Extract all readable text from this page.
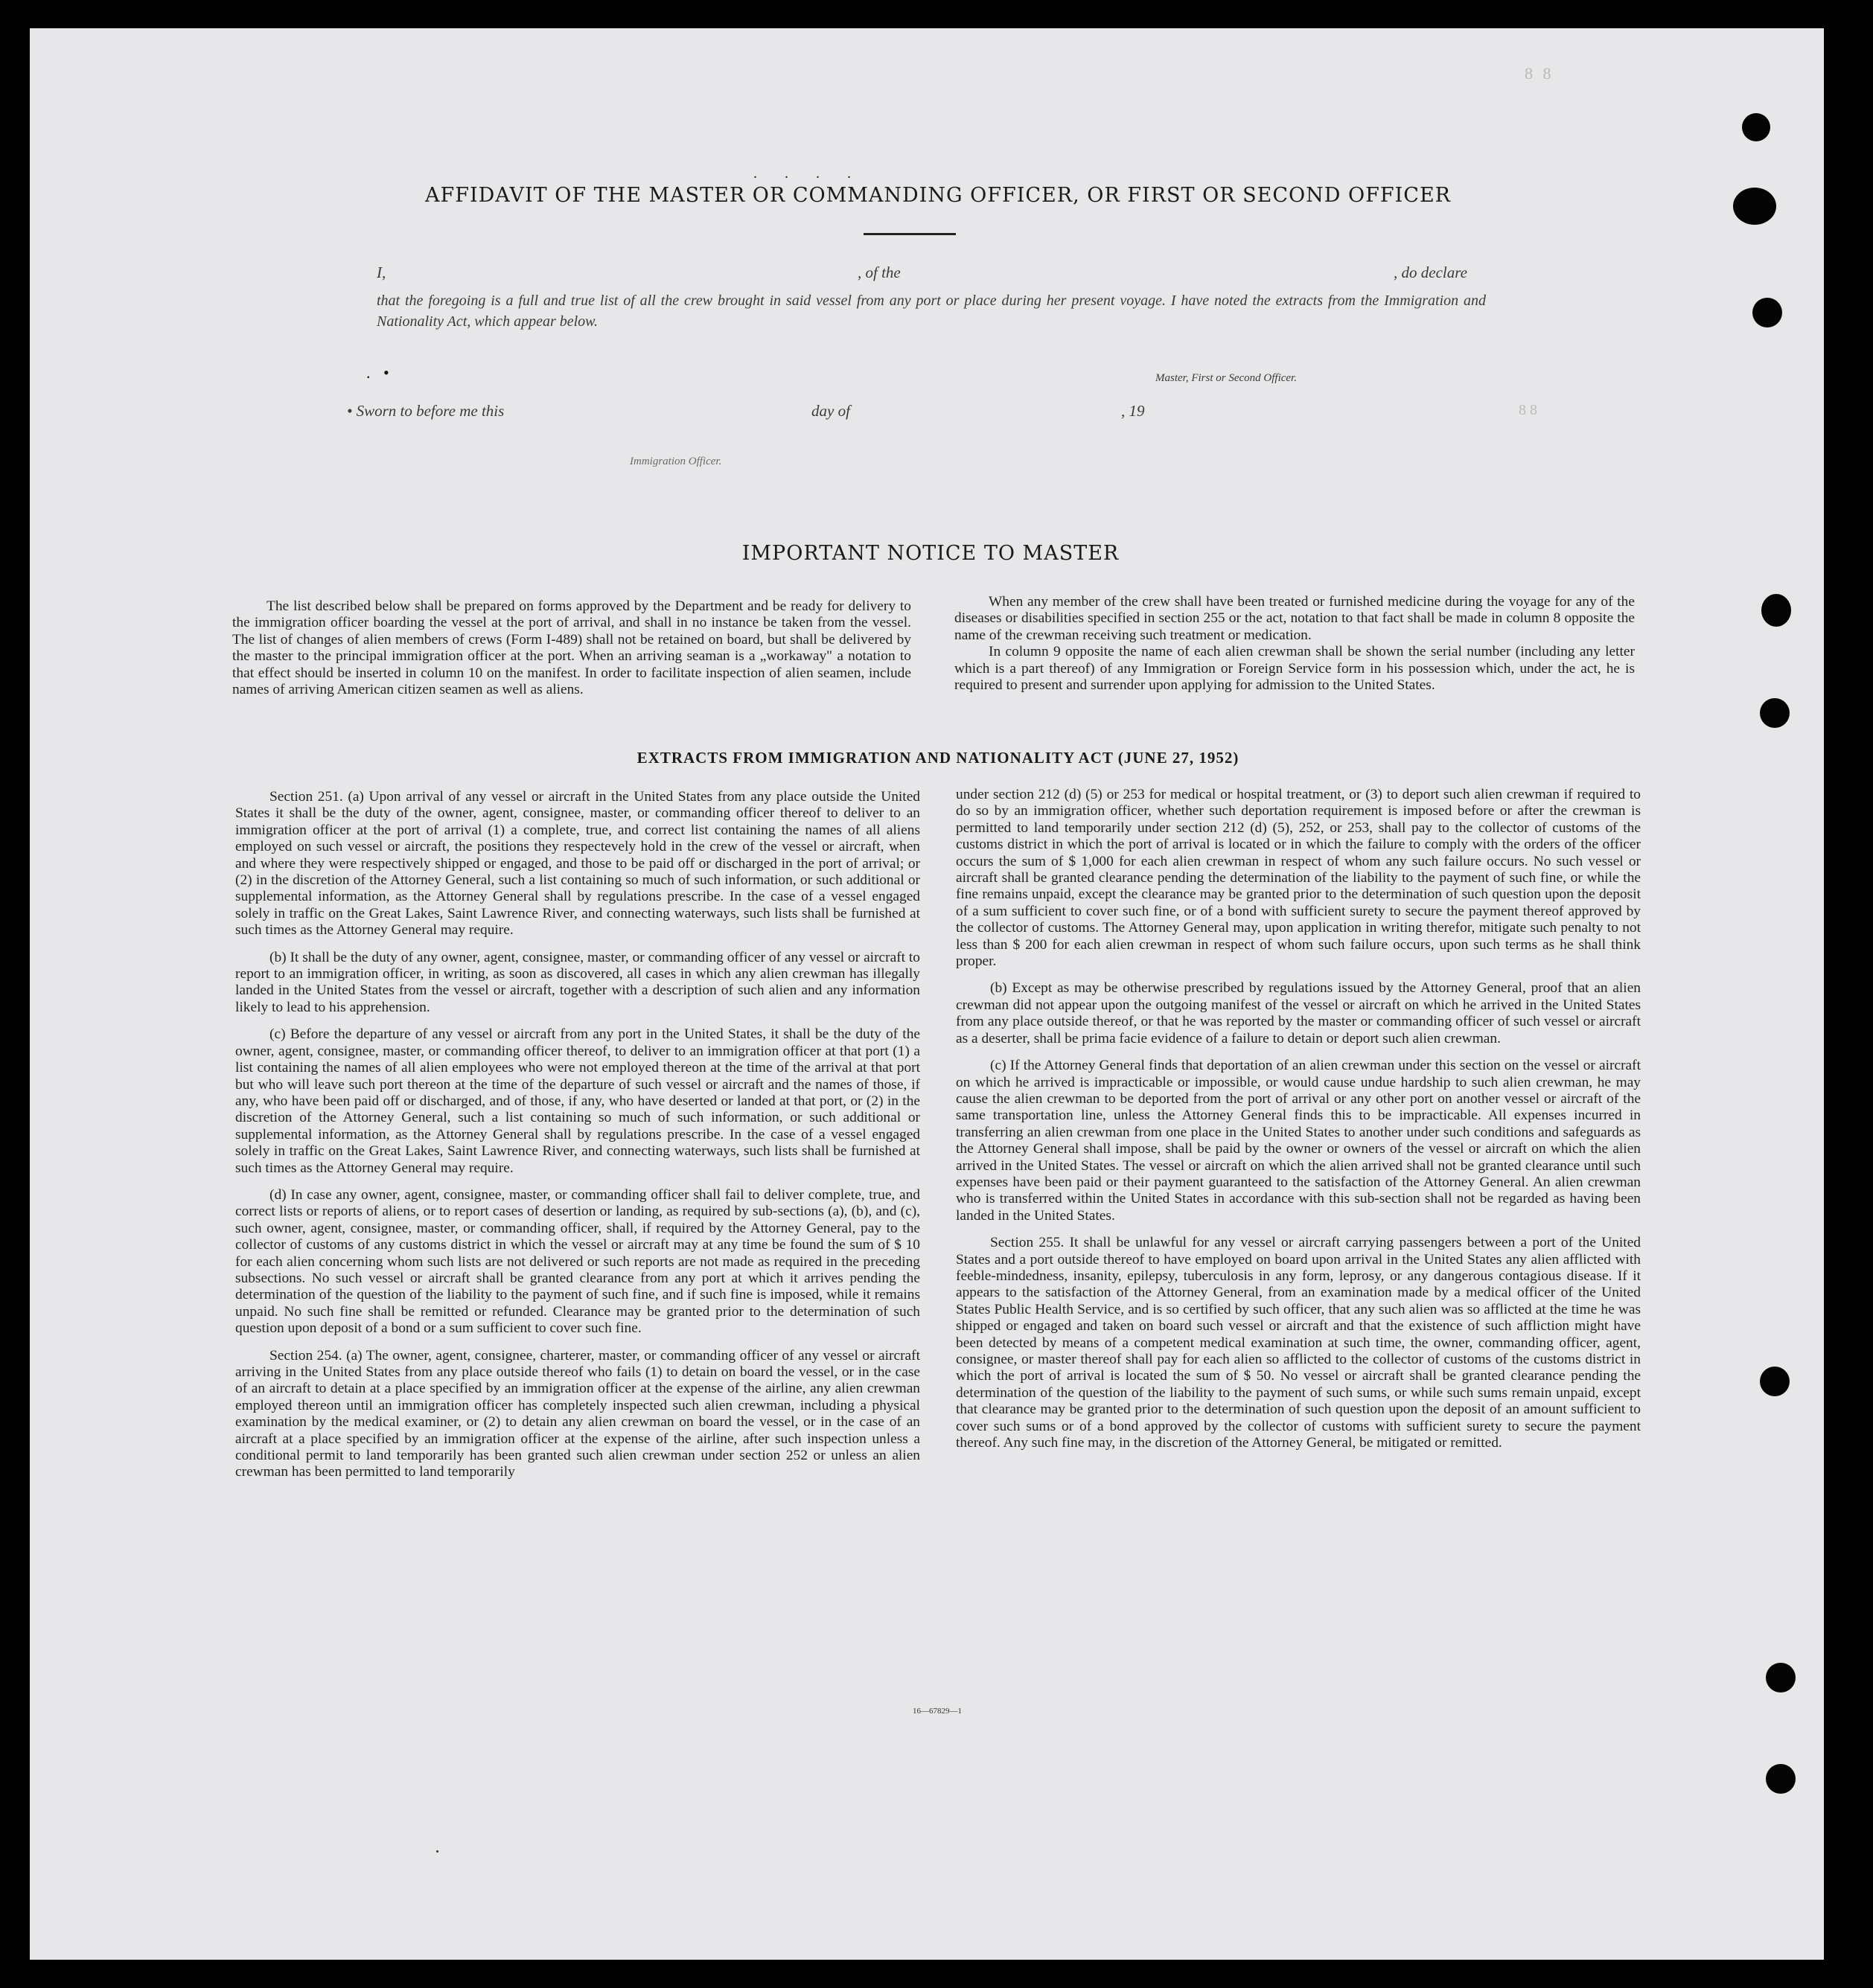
8 8
. . . .
AFFIDAVIT OF THE MASTER OR COMMANDING OFFICER, OR FIRST OR SECOND OFFICER
I,	, of the	, do declare
that the foregoing is a full and true list of all the crew brought in said vessel from any port or place during her present voyage. I have noted the extracts from the Immigration and Nationality Act, which appear below.
. •	Master, First or Second Officer.
• Sworn to before me this	day of	, 19	8 8
Immigration Officer.
IMPORTANT NOTICE TO MASTER

The list described below shall be prepared on forms approved by the Department and be ready for delivery to the immigration officer boarding the vessel at the port of arrival, and shall in no instance be taken from the vessel. The list of changes of alien members of crews (Form I-489) shall not be retained on board, but shall be delivered by the master to the principal immigration officer at the port. When an arriving seaman is a „workaway" a notation to that effect should be inserted in column 10 on the manifest. In order to facilitate inspection of alien seamen, include names of arriving American citizen seamen as well as aliens.

When any member of the crew shall have been treated or furnished medicine during the voyage for any of the diseases or disabilities specified in section 255 or the act, notation to that fact shall be made in column 8 opposite the name of the crewman receiving such treatment or medication.

In column 9 opposite the name of each alien crewman shall be shown the serial number (including any letter which is a part thereof) of any Immigration or Foreign Service form in his possession which, under the act, he is required to present and surrender upon applying for admission to the United States.

EXTRACTS FROM IMMIGRATION AND NATIONALITY ACT (JUNE 27, 1952)

Section 251. (a) Upon arrival of any vessel or aircraft in the United States from any place outside the United States it shall be the duty of the owner, agent, consignee, master, or commanding officer thereof to deliver to an immigration officer at the port of arrival (1) a complete, true, and correct list containing the names of all aliens employed on such vessel or aircraft, the positions they respectevely hold in the crew of the vessel or aircraft, when and where they were respectively shipped or engaged, and those to be paid off or discharged in the port of arrival; or (2) in the discretion of the Attorney General, such a list containing so much of such information, or such additional or supplemental information, as the Attorney General shall by regulations prescribe. In the case of a vessel engaged solely in traffic on the Great Lakes, Saint Lawrence River, and connecting waterways, such lists shall be furnished at such times as the Attorney General may require.

(b) It shall be the duty of any owner, agent, consignee, master, or commanding officer of any vessel or aircraft to report to an immigration officer, in writing, as soon as discovered, all cases in which any alien crewman has illegally landed in the United States from the vessel or aircraft, together with a description of such alien and any information likely to lead to his apprehension.

(c) Before the departure of any vessel or aircraft from any port in the United States, it shall be the duty of the owner, agent, consignee, master, or commanding officer thereof, to deliver to an immigration officer at that port (1) a list containing the names of all alien employees who were not employed thereon at the time of the arrival at that port but who will leave such port thereon at the time of the departure of such vessel or aircraft and the names of those, if any, who have been paid off or discharged, and of those, if any, who have deserted or landed at that port, or (2) in the discretion of the Attorney General, such a list containing so much of such information, or such additional or supplemental information, as the Attorney General shall by regulations prescribe. In the case of a vessel engaged solely in traffic on the Great Lakes, Saint Lawrence River, and connecting waterways, such lists shall be furnished at such times as the Attorney General may require.

(d) In case any owner, agent, consignee, master, or commanding officer shall fail to deliver complete, true, and correct lists or reports of aliens, or to report cases of desertion or landing, as required by sub-sections (a), (b), and (c), such owner, agent, consignee, master, or commanding officer, shall, if required by the Attorney General, pay to the collector of customs of any customs district in which the vessel or aircraft may at any time be found the sum of $ 10 for each alien concerning whom such lists are not delivered or such reports are not made as required in the preceding subsections. No such vessel or aircraft shall be granted clearance from any port at which it arrives pending the determination of the question of the liability to the payment of such fine, and if such fine is imposed, while it remains unpaid. No such fine shall be remitted or refunded. Clearance may be granted prior to the determination of such question upon deposit of a bond or a sum sufficient to cover such fine.

Section 254. (a) The owner, agent, consignee, charterer, master, or commanding officer of any vessel or aircraft arriving in the United States from any place outside thereof who fails (1) to detain on board the vessel, or in the case of an aircraft to detain at a place specified by an immigration officer at the expense of the airline, any alien crewman employed thereon until an immigration officer has completely inspected such alien crewman, including a physical examination by the medical examiner, or (2) to detain any alien crewman on board the vessel, or in the case of an aircraft at a place specified by an immigration officer at the expense of the airline, after such inspection unless a conditional permit to land temporarily has been granted such alien crewman under section 252 or unless an alien crewman has been permitted to land temporarily

under section 212 (d) (5) or 253 for medical or hospital treatment, or (3) to deport such alien crewman if required to do so by an immigration officer, whether such deportation requirement is imposed before or after the crewman is permitted to land temporarily under section 212 (d) (5), 252, or 253, shall pay to the collector of customs of the customs district in which the port of arrival is located or in which the failure to comply with the orders of the officer occurs the sum of $ 1,000 for each alien crewman in respect of whom any such failure occurs. No such vessel or aircraft shall be granted clearance pending the determination of the liability to the payment of such fine, or while the fine remains unpaid, except the clearance may be granted prior to the determination of such question upon the deposit of a sum sufficient to cover such fine, or of a bond with sufficient surety to secure the payment thereof approved by the collector of customs. The Attorney General may, upon application in writing therefor, mitigate such penalty to not less than $ 200 for each alien crewman in respect of whom such failure occurs, upon such terms as he shall think proper.

(b) Except as may be otherwise prescribed by regulations issued by the Attorney General, proof that an alien crewman did not appear upon the outgoing manifest of the vessel or aircraft on which he arrived in the United States from any place outside thereof, or that he was reported by the master or commanding officer of such vessel or aircraft as a deserter, shall be prima facie evidence of a failure to detain or deport such alien crewman.

(c) If the Attorney General finds that deportation of an alien crewman under this section on the vessel or aircraft on which he arrived is impracticable or impossible, or would cause undue hardship to such alien crewman, he may cause the alien crewman to be deported from the port of arrival or any other port on another vessel or aircraft of the same transportation line, unless the Attorney General finds this to be impracticable. All expenses incurred in transferring an alien crewman from one place in the United States to another under such conditions and safeguards as the Attorney General shall impose, shall be paid by the owner or owners of the vessel or aircraft on which the alien arrived in the United States. The vessel or aircraft on which the alien arrived shall not be granted clearance until such expenses have been paid or their payment guaranteed to the satisfaction of the Attorney General. An alien crewman who is transferred within the United States in accordance with this sub-section shall not be regarded as having been landed in the United States.

Section 255. It shall be unlawful for any vessel or aircraft carrying passengers between a port of the United States and a port outside thereof to have employed on board upon arrival in the United States any alien afflicted with feeble-mindedness, insanity, epilepsy, tuberculosis in any form, leprosy, or any dangerous contagious disease. If it appears to the satisfaction of the Attorney General, from an examination made by a medical officer of the United States Public Health Service, and is so certified by such officer, that any such alien was so afflicted at the time he was shipped or engaged and taken on board such vessel or aircraft and that the existence of such affliction might have been detected by means of a competent medical examination at such time, the owner, commanding officer, agent, consignee, or master thereof shall pay for each alien so afflicted to the collector of customs of the customs district in which the port of arrival is located the sum of $ 50. No vessel or aircraft shall be granted clearance pending the determination of the question of the liability to the payment of such sums, or while such sums remain unpaid, except that clearance may be granted prior to the determination of such question upon the deposit of an amount sufficient to cover such sums or of a bond approved by the collector of customs with sufficient surety to secure the payment thereof. Any such fine may, in the discretion of the Attorney General, be mitigated or remitted.

16—67829—1
